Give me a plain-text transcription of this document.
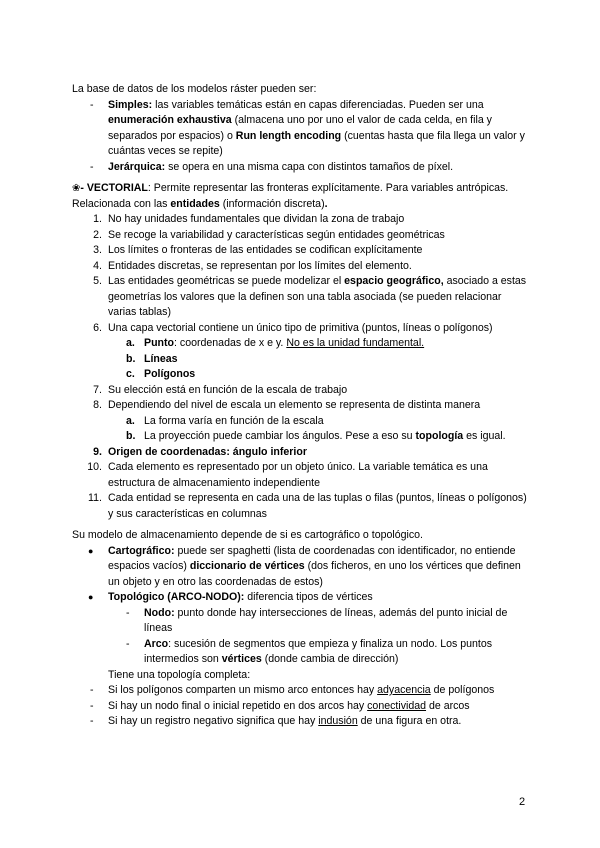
La base de datos de los modelos ráster pueden ser:

- Simples: las variables temáticas están en capas diferenciadas. Pueden ser una enumeración exhaustiva (almacena uno por uno el valor de cada celda, en fila y separados por espacios) o Run length encoding (cuentas hasta que fila llega un valor y cuántas veces se repite)
- Jerárquica: se opera en una misma capa con distintos tamaños de píxel.

❀- VECTORIAL: Permite representar las fronteras explícitamente. Para variables antrópicas.

Relacionada con las entidades (información discreta).

1. No hay unidades fundamentales que dividan la zona de trabajo
2. Se recoge la variabilidad y características según entidades geométricas
3. Los límites o fronteras de las entidades se codifican explícitamente
4. Entidades discretas, se representan por los límites del elemento.
5. Las entidades geométricas se puede modelizar el espacio geográfico, asociado a estas geometrías los valores que la definen son una tabla asociada (se pueden relacionar varias tablas)
6. Una capa vectorial contiene un único tipo de primitiva (puntos, líneas o polígonos)
a. Punto: coordenadas de x e y. No es la unidad fundamental.
b. Líneas
c. Polígonos
7. Su elección está en función de la escala de trabajo
8. Dependiendo del nivel de escala un elemento se representa de distinta manera
a. La forma varía en función de la escala
b. La proyección puede cambiar los ángulos. Pese a eso su topología es igual.
9. Origen de coordenadas: ángulo inferior
10. Cada elemento es representado por un objeto único. La variable temática es una estructura de almacenamiento independiente
11. Cada entidad se representa en cada una de las tuplas o filas (puntos, líneas o polígonos) y sus características en columnas

Su modelo de almacenamiento depende de si es cartográfico o topológico.

● Cartográfico: puede ser spaghetti (lista de coordenadas con identificador, no entiende espacios vacíos) diccionario de vértices (dos ficheros, en uno los vértices que definen un objeto y en otro las coordenadas de estos)
● Topológico (ARCO-NODO): diferencia tipos de vértices
- Nodo: punto donde hay intersecciones de líneas, además del punto inicial de líneas
- Arco: sucesión de segmentos que empieza y finaliza un nodo. Los puntos intermedios son vértices (donde cambia de dirección)

Tiene una topología completa:

- Si los polígonos comparten un mismo arco entonces hay adyacencia de polígonos
- Si hay un nodo final o inicial repetido en dos arcos hay conectividad de arcos
- Si hay un registro negativo significa que hay indusión de una figura en otra.
2
